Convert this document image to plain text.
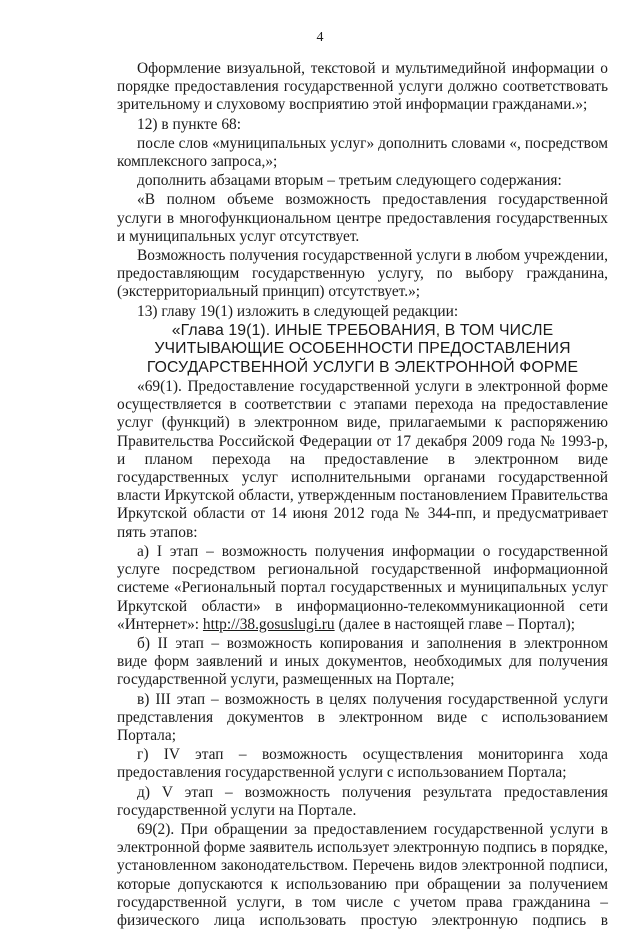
4

Оформление визуальной, текстовой и мультимедийной информации о порядке предоставления государственной услуги должно соответствовать зрительному и слуховому восприятию этой информации гражданами.»;

12) в пункте 68:

после слов «муниципальных услуг» дополнить словами «, посредством комплексного запроса,»;

дополнить абзацами вторым – третьим следующего содержания:

«В полном объеме возможность предоставления государственной услуги в многофункциональном центре предоставления государственных и муниципальных услуг отсутствует.

Возможность получения государственной услуги в любом учреждении, предоставляющим государственную услугу, по выбору гражданина, (экстерриториальный принцип) отсутствует.»;

13) главу 19(1) изложить в следующей редакции:

«Глава 19(1). ИНЫЕ ТРЕБОВАНИЯ, В ТОМ ЧИСЛЕ
УЧИТЫВАЮЩИЕ ОСОБЕННОСТИ ПРЕДОСТАВЛЕНИЯ
ГОСУДАРСТВЕННОЙ УСЛУГИ В ЭЛЕКТРОННОЙ ФОРМЕ

«69(1). Предоставление государственной услуги в электронной форме осуществляется в соответствии с этапами перехода на предоставление услуг (функций) в электронном виде, прилагаемыми к распоряжению Правительства Российской Федерации от 17 декабря 2009 года № 1993-р, и планом перехода на предоставление в электронном виде государственных услуг исполнительными органами государственной власти Иркутской области, утвержденным постановлением Правительства Иркутской области от 14 июня 2012 года № 344-пп, и предусматривает пять этапов:

а) I этап – возможность получения информации о государственной услуге посредством региональной государственной информационной системе «Региональный портал государственных и муниципальных услуг Иркутской области» в информационно-телекоммуникационной сети «Интернет»: http://38.gosuslugi.ru (далее в настоящей главе – Портал);

б) II этап – возможность копирования и заполнения в электронном виде форм заявлений и иных документов, необходимых для получения государственной услуги, размещенных на Портале;

в) III этап – возможность в целях получения государственной услуги представления документов в электронном виде с использованием Портала;

г) IV этап – возможность осуществления мониторинга хода предоставления государственной услуги с использованием Портала;

д) V этап – возможность получения результата предоставления государственной услуги на Портале.

69(2). При обращении за предоставлением государственной услуги в электронной форме заявитель использует электронную подпись в порядке, установленном законодательством. Перечень видов электронной подписи, которые допускаются к использованию при обращении за получением государственной услуги, в том числе с учетом права гражданина – физического лица использовать простую электронную подпись в
